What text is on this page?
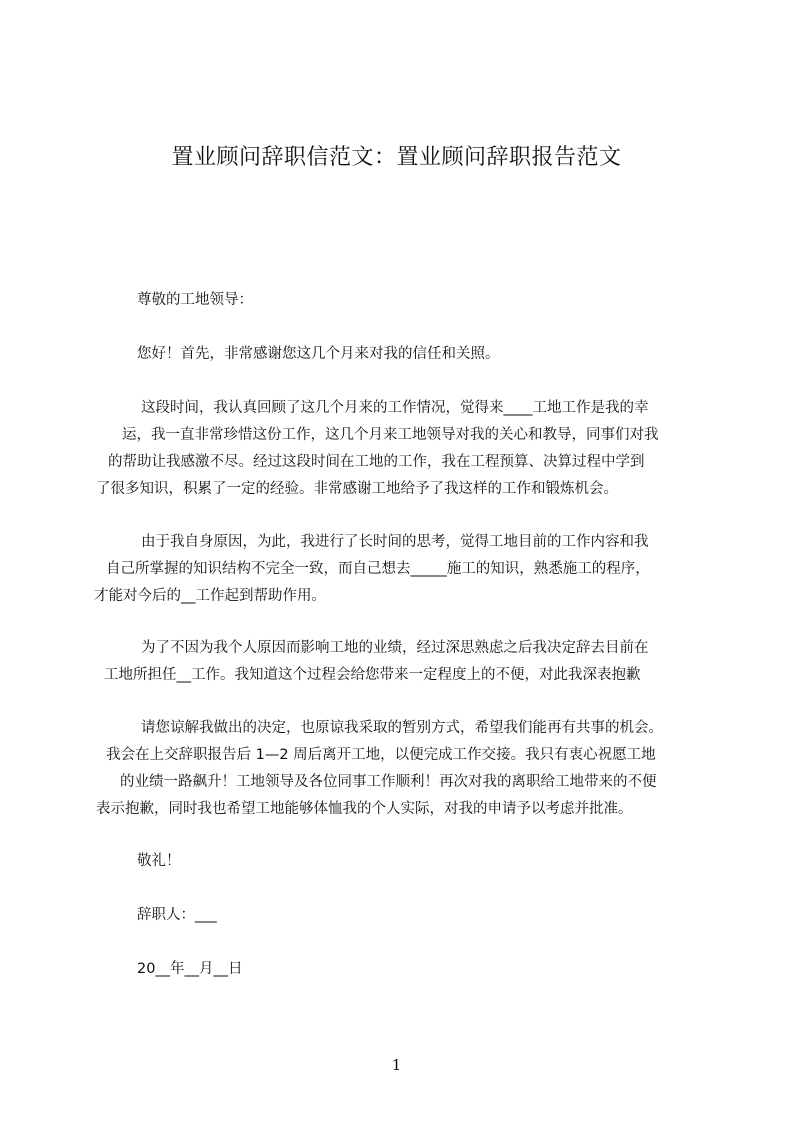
置业顾问辞职信范文：置业顾问辞职报告范文
尊敬的工地领导：
您好！首先，非常感谢您这几个月来对我的信任和关照。
这段时间，我认真回顾了这几个月来的工作情况，觉得来____工地工作是我的幸
运，我一直非常珍惜这份工作，这几个月来工地领导对我的关心和教导，同事们对我
的帮助让我感激不尽。经过这段时间在工地的工作，我在工程预算、决算过程中学到
了很多知识，积累了一定的经验。非常感谢工地给予了我这样的工作和锻炼机会。
由于我自身原因，为此，我进行了长时间的思考，觉得工地目前的工作内容和我
自己所掌握的知识结构不完全一致，而自己想去_____施工的知识，熟悉施工的程序，
才能对今后的__工作起到帮助作用。
为了不因为我个人原因而影响工地的业绩，经过深思熟虑之后我决定辞去目前在
工地所担任__工作。我知道这个过程会给您带来一定程度上的不便，对此我深表抱歉
请您谅解我做出的决定，也原谅我采取的暂别方式，希望我们能再有共事的机会。
我会在上交辞职报告后 1—2 周后离开工地，以便完成工作交接。我只有衷心祝愿工地
的业绩一路飙升！工地领导及各位同事工作顺利！再次对我的离职给工地带来的不便
表示抱歉，同时我也希望工地能够体恤我的个人实际，对我的申请予以考虑并批准。
敬礼！
辞职人：___
20__年__月__日
1
